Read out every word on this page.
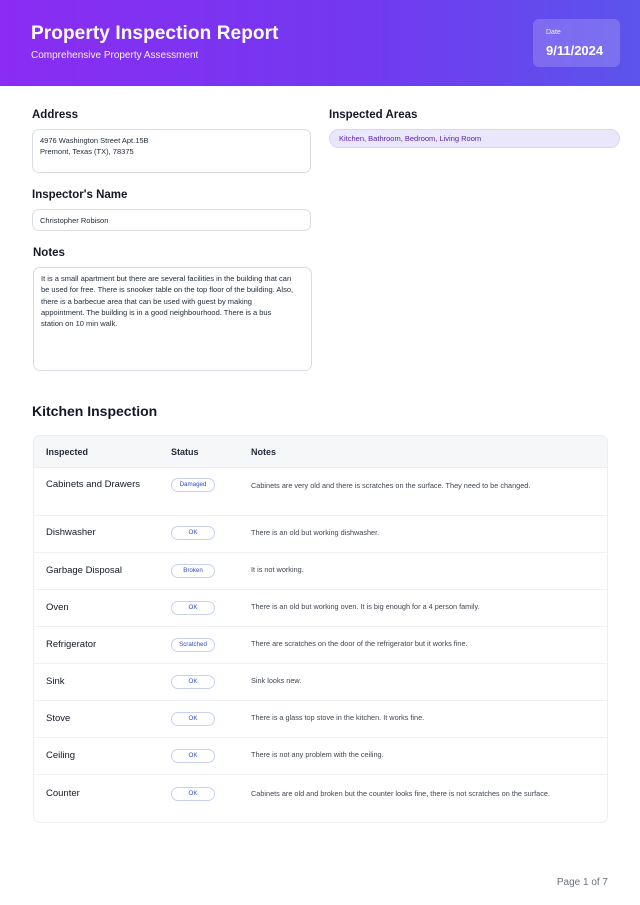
Property Inspection Report
Comprehensive Property Assessment
Date
9/11/2024
Address
4976 Washington Street Apt.15B
Premont, Texas (TX), 78375
Inspected Areas
Kitchen, Bathroom, Bedroom, Living Room
Inspector's Name
Christopher Robison
Notes
It is a small apartment but there are several facilities in the building that can be used for free. There is snooker table on the top floor of the building. Also, there is a barbecue area that can be used with guest by making appointment. The building is in a good neighbourhood. There is a bus station on 10 min walk.
Kitchen Inspection
Inspected	Status	Notes
Cabinets and Drawers	Damaged	Cabinets are very old and there is scratches on the surface. They need to be changed.
Dishwasher	OK	There is an old but working dishwasher.
Garbage Disposal	Broken	It is not working.
Oven	OK	There is an old but working oven. It is big enough for a 4 person family.
Refrigerator	Scratched	There are scratches on the door of the refrigerator but it works fine.
Sink	OK	Sink looks new.
Stove	OK	There is a glass top stove in the kitchen. It works fine.
Ceiling	OK	There is not any problem with the ceiling.
Counter	OK	Cabinets are old and broken but the counter looks fine, there is not scratches on the surface.
Page 1 of 7
